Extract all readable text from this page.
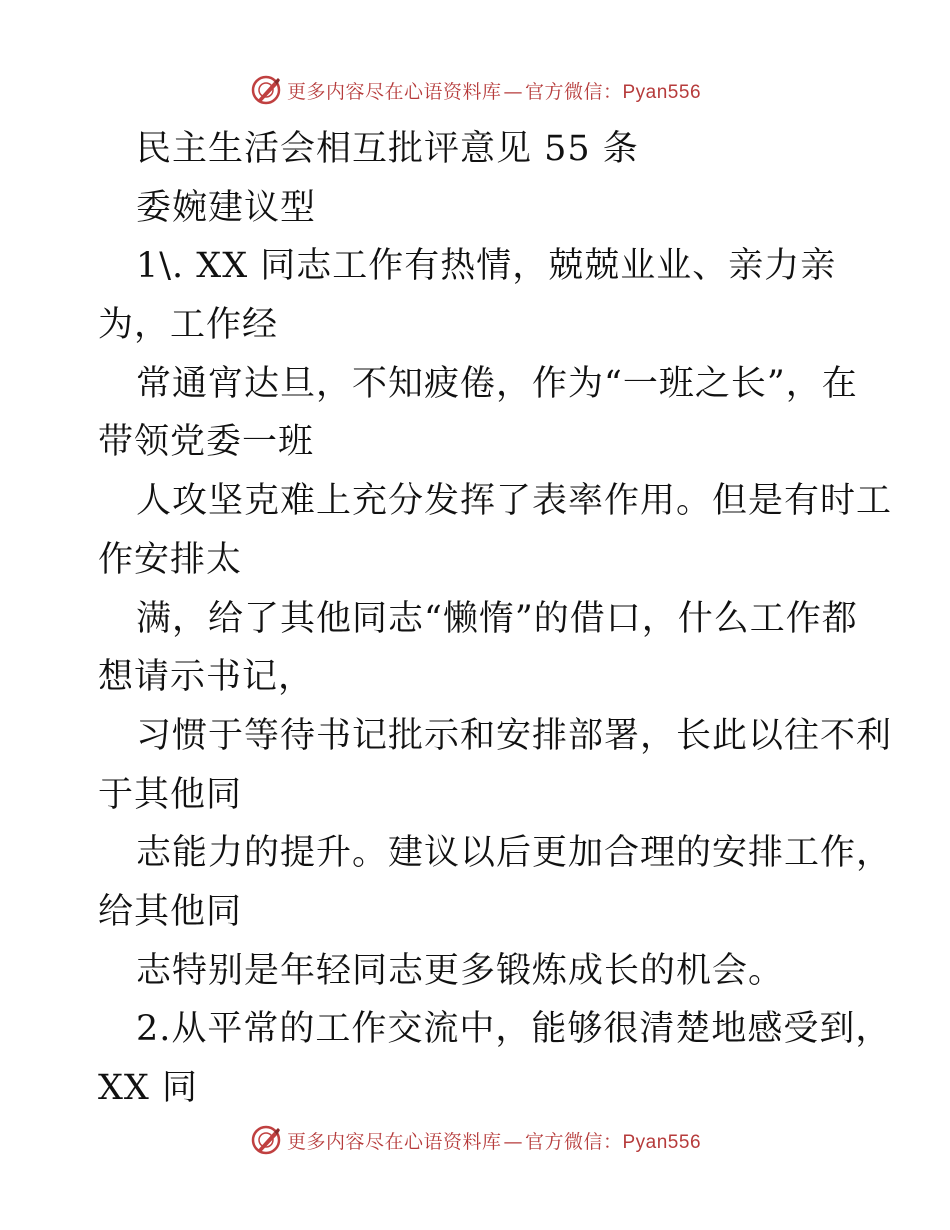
更多内容尽在心语资料库 — 官方微信：Pyan556
民主生活会相互批评意见 55 条
委婉建议型
1\. XX 同志工作有热情，兢兢业业、亲力亲
为，工作经
常通宵达旦，不知疲倦，作为“一班之长”，在
带领党委一班
人攻坚克难上充分发挥了表率作用。但是有时工
作安排太
满，给了其他同志“懒惰”的借口，什么工作都
想请示书记，
习惯于等待书记批示和安排部署，长此以往不利
于其他同
志能力的提升。建议以后更加合理的安排工作，
给其他同
志特别是年轻同志更多锻炼成长的机会。
2.从平常的工作交流中，能够很清楚地感受到，
XX 同
更多内容尽在心语资料库 — 官方微信：Pyan556
